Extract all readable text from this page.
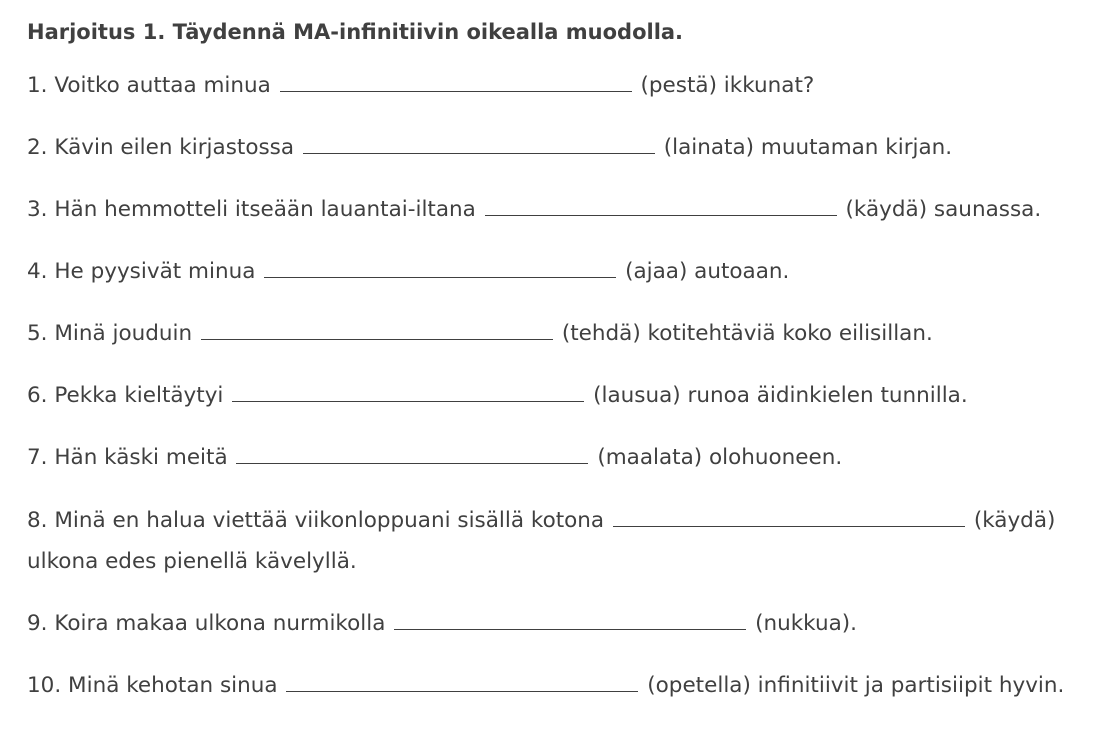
Harjoitus 1. Täydennä MA-infinitiivin oikealla muodolla.
1. Voitko auttaa minua	(pestä) ikkunat?
2. Kävin eilen kirjastossa	(lainata) muutaman kirjan.
3. Hän hemmotteli itseään lauantai-iltana	(käydä) saunassa.
4. He pyysivät minua	(ajaa) autoaan.
5. Minä jouduin	(tehdä) kotitehtäviä koko eilisillan.
6. Pekka kieltäytyi	(lausua) runoa äidinkielen tunnilla.
7. Hän käski meitä	(maalata) olohuoneen.
8. Minä en halua viettää viikonloppuani sisällä kotona	(käydä) ulkona edes pienellä kävelyllä.
9. Koira makaa ulkona nurmikolla	(nukkua).
10. Minä kehotan sinua	(opetella) infinitiivit ja partisiipit hyvin.
